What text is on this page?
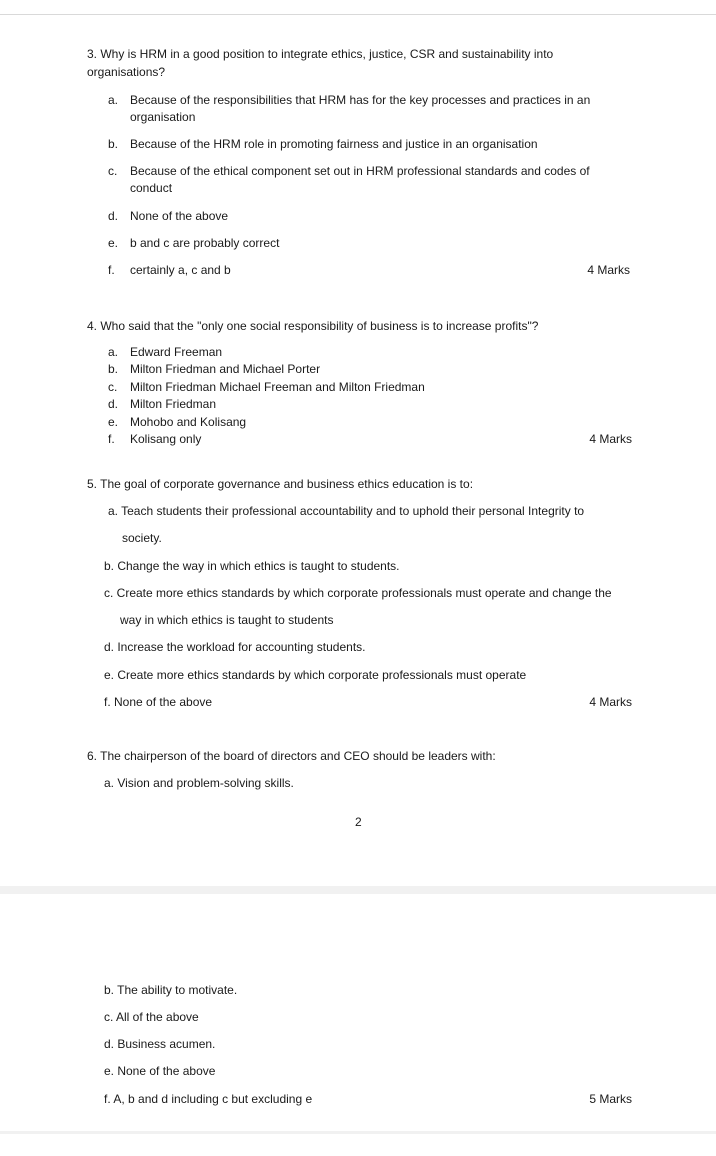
3. Why is HRM in a good position to integrate ethics, justice, CSR and sustainability into
organisations?
a. Because of the responsibilities that HRM has for the key processes and practices in an
organisation
b. Because of the HRM role in promoting fairness and justice in an organisation
c. Because of the ethical component set out in HRM professional standards and codes of
conduct
d. None of the above
e. b and c are probably correct
f. certainly a, c and b	4 Marks
4. Who said that the "only one social responsibility of business is to increase profits"?
a. Edward Freeman
b. Milton Friedman and Michael Porter
c. Milton Friedman Michael Freeman and Milton Friedman
d. Milton Friedman
e. Mohobo and Kolisang
f. Kolisang only	4 Marks
5. The goal of corporate governance and business ethics education is to:
a. Teach students their professional accountability and to uphold their personal Integrity to
society.
b. Change the way in which ethics is taught to students.
c. Create more ethics standards by which corporate professionals must operate and change the
way in which ethics is taught to students
d. Increase the workload for accounting students.
e. Create more ethics standards by which corporate professionals must operate
f. None of the above	4 Marks
6. The chairperson of the board of directors and CEO should be leaders with:
a. Vision and problem-solving skills.
2
b. The ability to motivate.
c. All of the above
d. Business acumen.
e. None of the above
f. A, b and d including c but excluding e	5 Marks
